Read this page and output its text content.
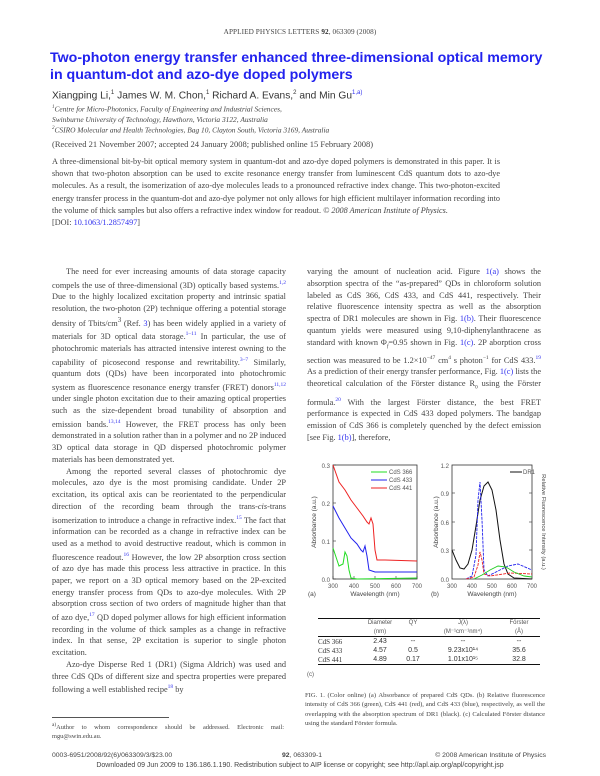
APPLIED PHYSICS LETTERS 92, 063309 (2008)
Two-photon energy transfer enhanced three-dimensional optical memory
in quantum-dot and azo-dye doped polymers
Xiangping Li,$^1$ James W. M. Chon,$^1$ Richard A. Evans,$^2$ and Min Gu$^{1,a)}$
$^1$Centre for Micro-Photonics, Faculty of Engineering and Industrial Sciences,
Swinburne University of Technology, Hawthorn, Victoria 3122, Australia
$^2$CSIRO Molecular and Health Technologies, Bag 10, Clayton South, Victoria 3169, Australia
(Received 21 November 2007; accepted 24 January 2008; published online 15 February 2008)
A three-dimensional bit-by-bit optical memory system in quantum-dot and azo-dye doped polymers is demonstrated in this paper. It is shown that two-photon absorption can be used to excite resonance energy transfer from luminescent CdS quantum dots to azo-dye molecules. As a result, the isomerization of azo-dye molecules leads to a pronounced refractive index change. This two-photon-excited energy transfer process in the quantum-dot and azo-dye polymer not only allows for high efficient multilayer information recording into the volume of thick samples but also offers a refractive index window for readout. © 2008 American Institute of Physics.
[DOI: 10.1063/1.2857497]

The need for ever increasing amounts of data storage capacity compels the use of three-dimensional (3D) optically based systems.$^{1,2}$ Due to the highly localized excitation property and intrinsic spatial resolution, the two-photon (2P) technique offering a potential storage density of Tbits/$cm^3$ (Ref. 3) has been widely applied in a variety of materials for 3D optical data storage.$^{1-11}$ In particular, the use of photochromic materials has attracted intensive interest owning to the capability of picosecond response and rewritability.$^{3-7}$ Similarly, quantum dots (QDs) have been incorporated into photochromic system as fluorescence resonance energy transfer (FRET) donors$^{11,12}$ under single photon excitation due to their amazing optical properties such as the size-dependent broad tunability of absorption and emission bands.$^{13,14}$ However, the FRET process has only been demonstrated in a solution rather than in a polymer and no 2P induced 3D optical data storage in QD dispersed photochromic polymer materials has been demonstrated yet.

Among the reported several classes of photochromic dye molecules, azo dye is the most promising candidate. Under 2P excitation, its optical axis can be reorientated to the perpendicular direction of the recording beam through the trans-cis-trans isomerization to introduce a change in refractive index.$^{15}$ The fact that information can be recorded as a change in refractive index can be used as a method to avoid destructive readout, which is common in fluorescence readout.$^{16}$ However, the low 2P absorption cross section of azo dye has made this process less attractive in practice. In this paper, we report on a 3D optical memory based on the 2P-excited energy transfer process from QDs to azo-dye molecules. With 2P absorption cross section of two orders of magnitude higher than that of azo dye,$^{17}$ QD doped polymer allows for high efficient information recording in the volume of thick samples as a change in refractive index. In that sense, 2P excitation is superior to single photon excitation.

Azo-dye Disperse Red 1 (DR1) (Sigma Aldrich) was used and three CdS QDs of different size and spectra properties were prepared following a well established recipe$^{18}$ by

$^{a)}$Author to whom correspondence should be addressed. Electronic mail: mgu@swin.edu.au.

varying the amount of nucleation acid. Figure 1(a) shows the absorption spectra of the “as-prepared” QDs in chloroform solution labeled as CdS 366, CdS 433, and CdS 441, respectively. Their relative fluorescence intensity spectra as well as the absorption spectra of DR1 molecules are shown in Fig. 1(b). Their fluorescence quantum yields were measured using 9,10-diphenylanthracene as standard with known $\Phi_f=0.95$ shown in Fig. 1(c). 2P aborption cross section was measured to be $1.2\times 10^{-47}$ $cm^4$ s photon$^{-1}$ for CdS 433.19 As a prediction of their energy transfer performance, Fig. 1(c) lists the theoretical calculation of the Förster distance $R_0$ using the Förster formula.$^{20}$ With the largest Förster distance, the best FRET performance is expected in CdS 433 doped polymers. The bandgap emission of CdS 366 is completely quenched by the defect emission [see Fig. 1(b)], therefore,

0.3
0.2
0.1
0.0
300 400 500 600 700
Wavelength (nm)
(a)
Absorbance (a.u.)
CdS 366
CdS 433
CdS 441
1.2
0.9
0.6
0.3
0.0
300 400 500 600 700
Wavelength (nm)
(b)
Absorbance (a.u.)	Relative Fluorescence Intensity (a.u.)
DR1
	Diameter	QY	J(λ)	Förster
	(nm)		(M⁻¹cm⁻¹nm⁴)	(Å)
CdS 366	2.43	--	--	--
CdS 433	4.57	0.5	9.23x10¹⁴	35.6
CdS 441	4.89	0.17	1.01x10¹⁵	32.8
(c)
FIG. 1. (Color online) (a) Absorbance of prepared CdS QDs. (b) Relative fluorescence intensity of CdS 366 (green), CdS 441 (red), and CdS 433 (blue), respectively, as well the overlapping with the absorption spectrum of DR1 (black). (c) Calculated Förster distance using the standard Förster formula.
0003-6951/2008/92(6)/063309/3/$23.00	92, 063309-1	© 2008 American Institute of Physics
Downloaded 09 Jun 2009 to 136.186.1.190. Redistribution subject to AIP license or copyright; see http://apl.aip.org/apl/copyright.jsp
